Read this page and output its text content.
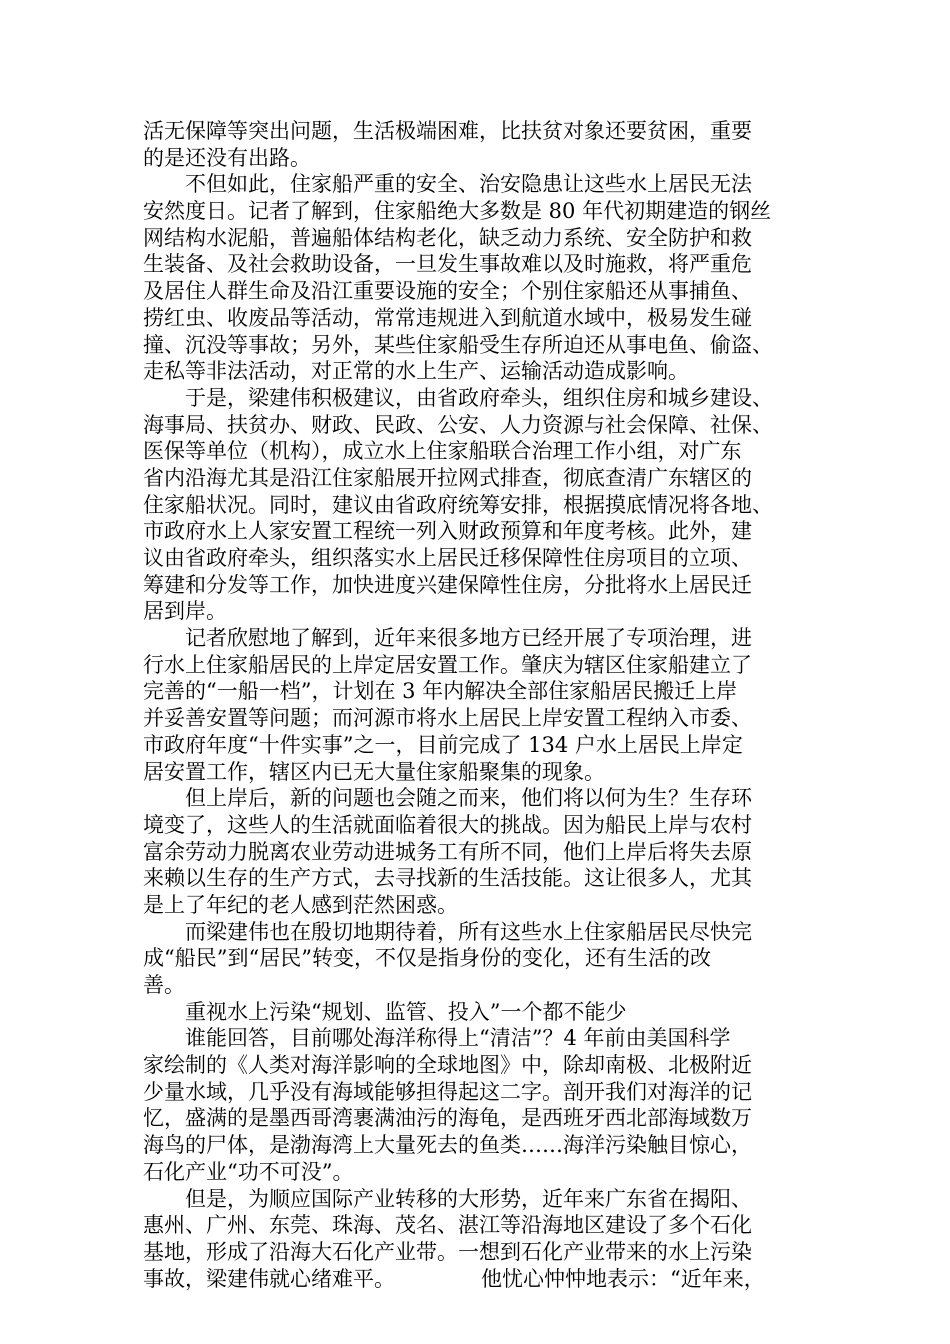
活无保障等突出问题，生活极端困难，比扶贫对象还要贫困，重要
的是还没有出路。
不但如此，住家船严重的安全、治安隐患让这些水上居民无法
安然度日。记者了解到，住家船绝大多数是 80 年代初期建造的钢丝
网结构水泥船，普遍船体结构老化，缺乏动力系统、安全防护和救
生装备、及社会救助设备，一旦发生事故难以及时施救，将严重危
及居住人群生命及沿江重要设施的安全；个别住家船还从事捕鱼、
捞红虫、收废品等活动，常常违规进入到航道水域中，极易发生碰
撞、沉没等事故；另外，某些住家船受生存所迫还从事电鱼、偷盗、
走私等非法活动，对正常的水上生产、运输活动造成影响。
于是，梁建伟积极建议，由省政府牵头，组织住房和城乡建设、
海事局、扶贫办、财政、民政、公安、人力资源与社会保障、社保、
医保等单位（机构），成立水上住家船联合治理工作小组，对广东
省内沿海尤其是沿江住家船展开拉网式排查，彻底查清广东辖区的
住家船状况。同时，建议由省政府统筹安排，根据摸底情况将各地、
市政府水上人家安置工程统一列入财政预算和年度考核。此外，建
议由省政府牵头，组织落实水上居民迁移保障性住房项目的立项、
筹建和分发等工作，加快进度兴建保障性住房，分批将水上居民迁
居到岸。
记者欣慰地了解到，近年来很多地方已经开展了专项治理，进
行水上住家船居民的上岸定居安置工作。肇庆为辖区住家船建立了
完善的“一船一档”，计划在 3 年内解决全部住家船居民搬迁上岸
并妥善安置等问题；而河源市将水上居民上岸安置工程纳入市委、
市政府年度“十件实事”之一，目前完成了 134 户水上居民上岸定
居安置工作，辖区内已无大量住家船聚集的现象。
但上岸后，新的问题也会随之而来，他们将以何为生？生存环
境变了，这些人的生活就面临着很大的挑战。因为船民上岸与农村
富余劳动力脱离农业劳动进城务工有所不同，他们上岸后将失去原
来赖以生存的生产方式，去寻找新的生活技能。这让很多人，尤其
是上了年纪的老人感到茫然困惑。
而梁建伟也在殷切地期待着，所有这些水上住家船居民尽快完
成“船民”到“居民”转变，不仅是指身份的变化，还有生活的改
善。
重视水上污染“规划、监管、投入”一个都不能少
谁能回答，目前哪处海洋称得上“清洁”？4 年前由美国科学
家绘制的《人类对海洋影响的全球地图》中，除却南极、北极附近
少量水域，几乎没有海域能够担得起这二字。剖开我们对海洋的记
忆，盛满的是墨西哥湾裹满油污的海龟，是西班牙西北部海域数万
海鸟的尸体，是渤海湾上大量死去的鱼类……海洋污染触目惊心，
石化产业“功不可没”。
但是，为顺应国际产业转移的大形势，近年来广东省在揭阳、
惠州、广州、东莞、珠海、茂名、湛江等沿海地区建设了多个石化
基地，形成了沿海大石化产业带。一想到石化产业带来的水上污染
事故，梁建伟就心绪难平。	他忧心忡忡地表示：“近年来，
